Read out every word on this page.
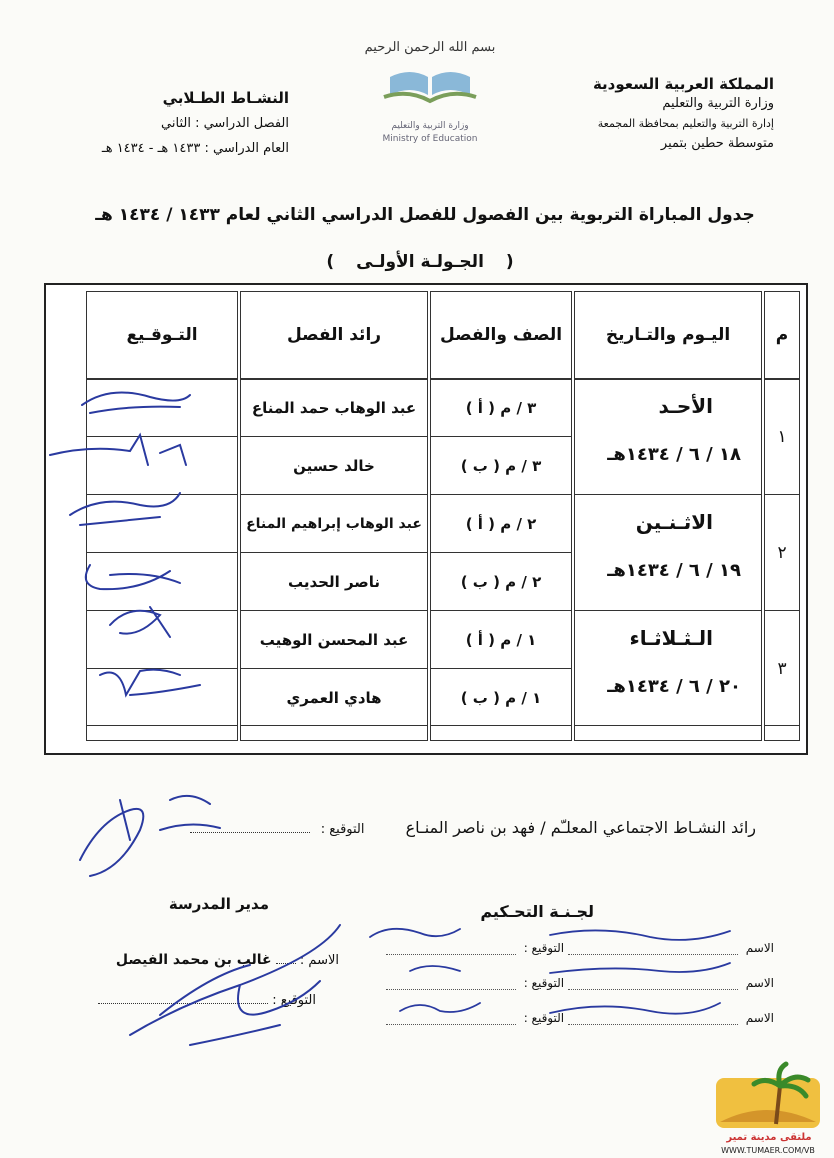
المملكة العربية السعودية
وزارة التربية والتعليم
إدارة التربية والتعليم بمحافظة المجمعة
متوسطة حطين بتمير
بسم الله الرحمن الرحيم
وزارة التربية والتعليم
Ministry of Education
النشـاط الطـلابي
الفصل الدراسي : الثاني
العام الدراسي : ١٤٣٣ هـ - ١٤٣٤ هـ
جدول المباراة التربوية بين الفصول للفصل الدراسي الثاني لعام ١٤٣٣ / ١٤٣٤ هـ
( الجـولـة الأولـى )
م
١
٢
٣
اليـوم والتـاريخ
الأحـد
١٨ / ٦ / ١٤٣٤هـ
الاثـنـين
١٩ / ٦ / ١٤٣٤هـ
الـثـلاثـاء
٢٠ / ٦ / ١٤٣٤هـ
الصف والفصل
٣ / م ( أ )
٣ / م ( ب )
٢ / م ( أ )
٢ / م ( ب )
١ / م ( أ )
١ / م ( ب )
رائد الفصل
عبد الوهاب حمد المناع
خالد حسين
عبد الوهاب إبراهيم المناع
ناصر الحديب
عبد المحسن الوهيب
هادي العمري
التـوقـيع
رائد النشـاط الاجتماعي المعلـّم / فهد بن ناصر المنـاع التوقيع :
مدير المدرسة
الاسم :  غالب بن محمد الفيصل
التوقيع :
لجـنـة التحـكيم
الاسم  التوقيع :
الاسم  التوقيع :
الاسم  التوقيع :
ملتقى مدينة تمير
WWW.TUMAER.COM/VB
